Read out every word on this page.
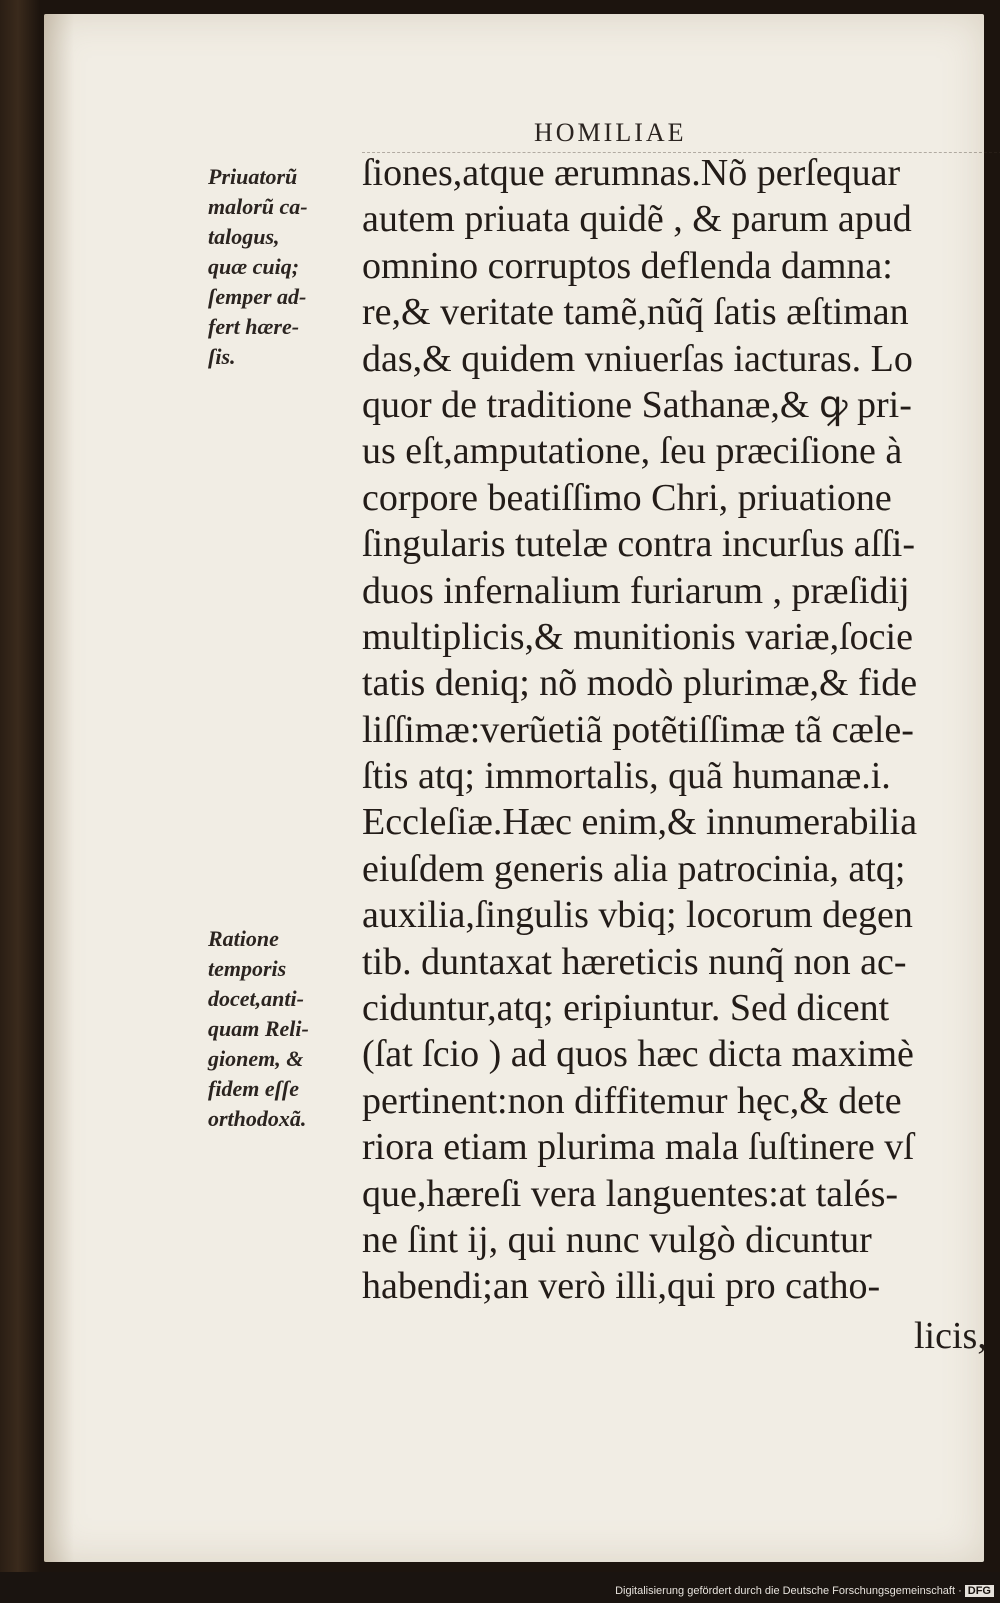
HOMILIAE
Priuatorũ
malorũ ca-
talogus,
quæ cuiq;
ſemper ad-
fert hære-
ſis.
Ratione
temporis
docet,anti-
quam Reli-
gionem, &
fidem eſſe
orthodoxã.
ſiones,atque ærumnas.Nõ perſequar
autem priuata quidẽ , & parum apud
omnino corruptos deflenda damna:
re,& veritate tamẽ,nũq̃ ſatis æſtiman
das,& quidem vniuerſas iacturas. Lo
quor de traditione Sathanæ,& ꝙ pri-
us eſt,amputatione, ſeu præciſione à
corpore beatiſſimo Chri, priuatione
ſingularis tutelæ contra incurſus aſſi-
duos infernalium furiarum , præſidij
multiplicis,& munitionis variæ,ſocie
tatis deniq; nõ modò plurimæ,& fide
liſſimæ:verũetiã potẽtiſſimæ tã cæle-
ſtis atq; immortalis, quã humanæ.i.
Eccleſiæ.Hæc enim,& innumerabilia
eiuſdem generis alia patrocinia, atq;
auxilia,ſingulis vbiq; locorum degen
tib. duntaxat hæreticis nunq̃ non ac-
ciduntur,atq; eripiuntur. Sed dicent
(ſat ſcio ) ad quos hæc dicta maximè
pertinent:non diffitemur hęc,& dete
riora etiam plurima mala ſuſtinere vſ
que,hæreſi vera languentes:at talés-
ne ſint ij, qui nunc vulgò dicuntur
habendi;an verò illi,qui pro catho-
licis,
Digitalisierung gefördert durch die Deutsche Forschungsgemeinschaft · DFG
